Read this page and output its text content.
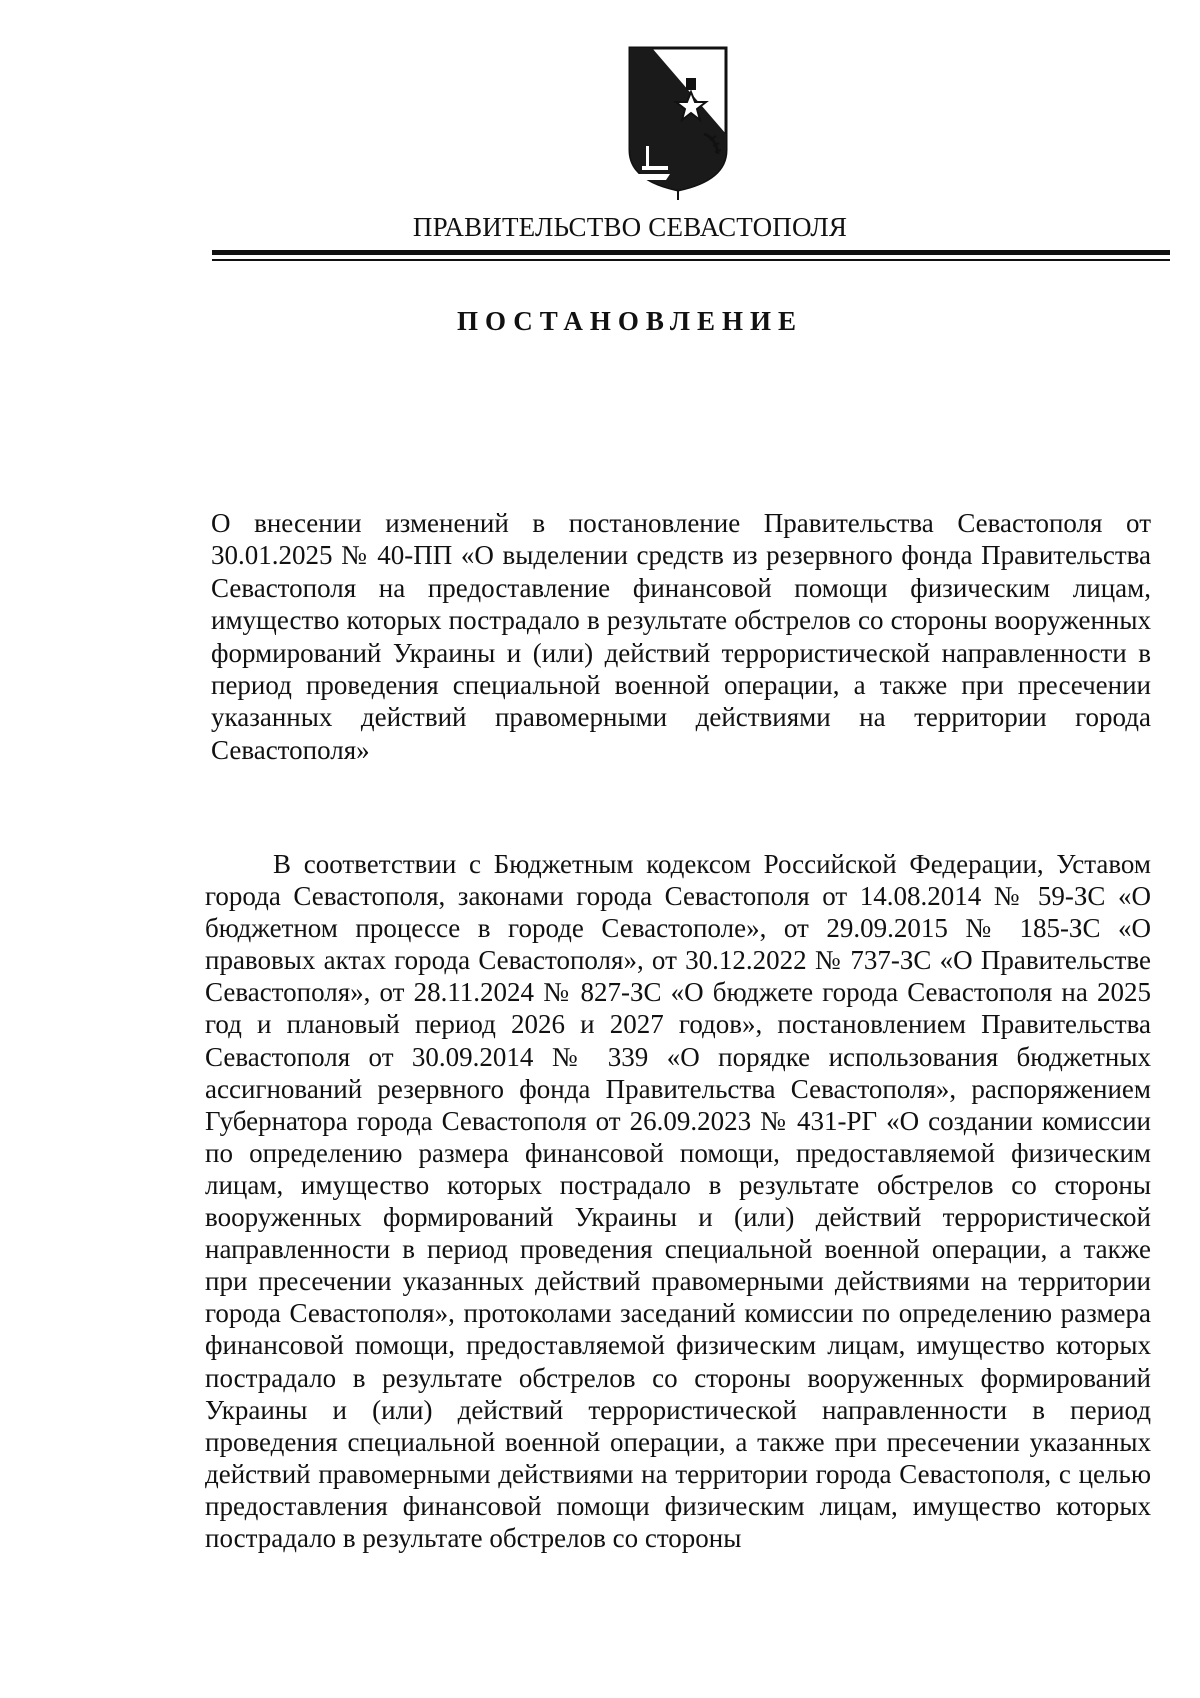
ПРАВИТЕЛЬСТВО СЕВАСТОПОЛЯ
ПОСТАНОВЛЕНИЕ
О внесении изменений в постановление Правительства Севастополя от 30.01.2025 № 40-ПП «О выделении средств из резервного фонда Правительства Севастополя на предоставление финансовой помощи физическим лицам, имущество которых пострадало в результате обстрелов со стороны вооруженных формирований Украины и (или) действий террористической направленности в период проведения специальной военной операции, а также при пресечении указанных действий правомерными действиями на территории города Севастополя»
В соответствии с Бюджетным кодексом Российской Федерации, Уставом города Севастополя, законами города Севастополя от 14.08.2014 № 59-ЗС «О бюджетном процессе в городе Севастополе», от 29.09.2015 № 185-ЗС «О правовых актах города Севастополя», от 30.12.2022 № 737-ЗС «О Правительстве Севастополя», от 28.11.2024 № 827-ЗС «О бюджете города Севастополя на 2025 год и плановый период 2026 и 2027 годов», постановлением Правительства Севастополя от 30.09.2014 № 339 «О порядке использования бюджетных ассигнований резервного фонда Правительства Севастополя», распоряжением Губернатора города Севастополя от 26.09.2023 № 431-РГ «О создании комиссии по определению размера финансовой помощи, предоставляемой физическим лицам, имущество которых пострадало в результате обстрелов со стороны вооруженных формирований Украины и (или) действий террористической направленности в период проведения специальной военной операции, а также при пресечении указанных действий правомерными действиями на территории города Севастополя», протоколами заседаний комиссии по определению размера финансовой помощи, предоставляемой физическим лицам, имущество которых пострадало в результате обстрелов со стороны вооруженных формирований Украины и (или) действий террористической направленности в период проведения специальной военной операции, а также при пресечении указанных действий правомерными действиями на территории города Севастополя, с целью предоставления финансовой помощи физическим лицам, имущество которых пострадало в результате обстрелов со стороны
